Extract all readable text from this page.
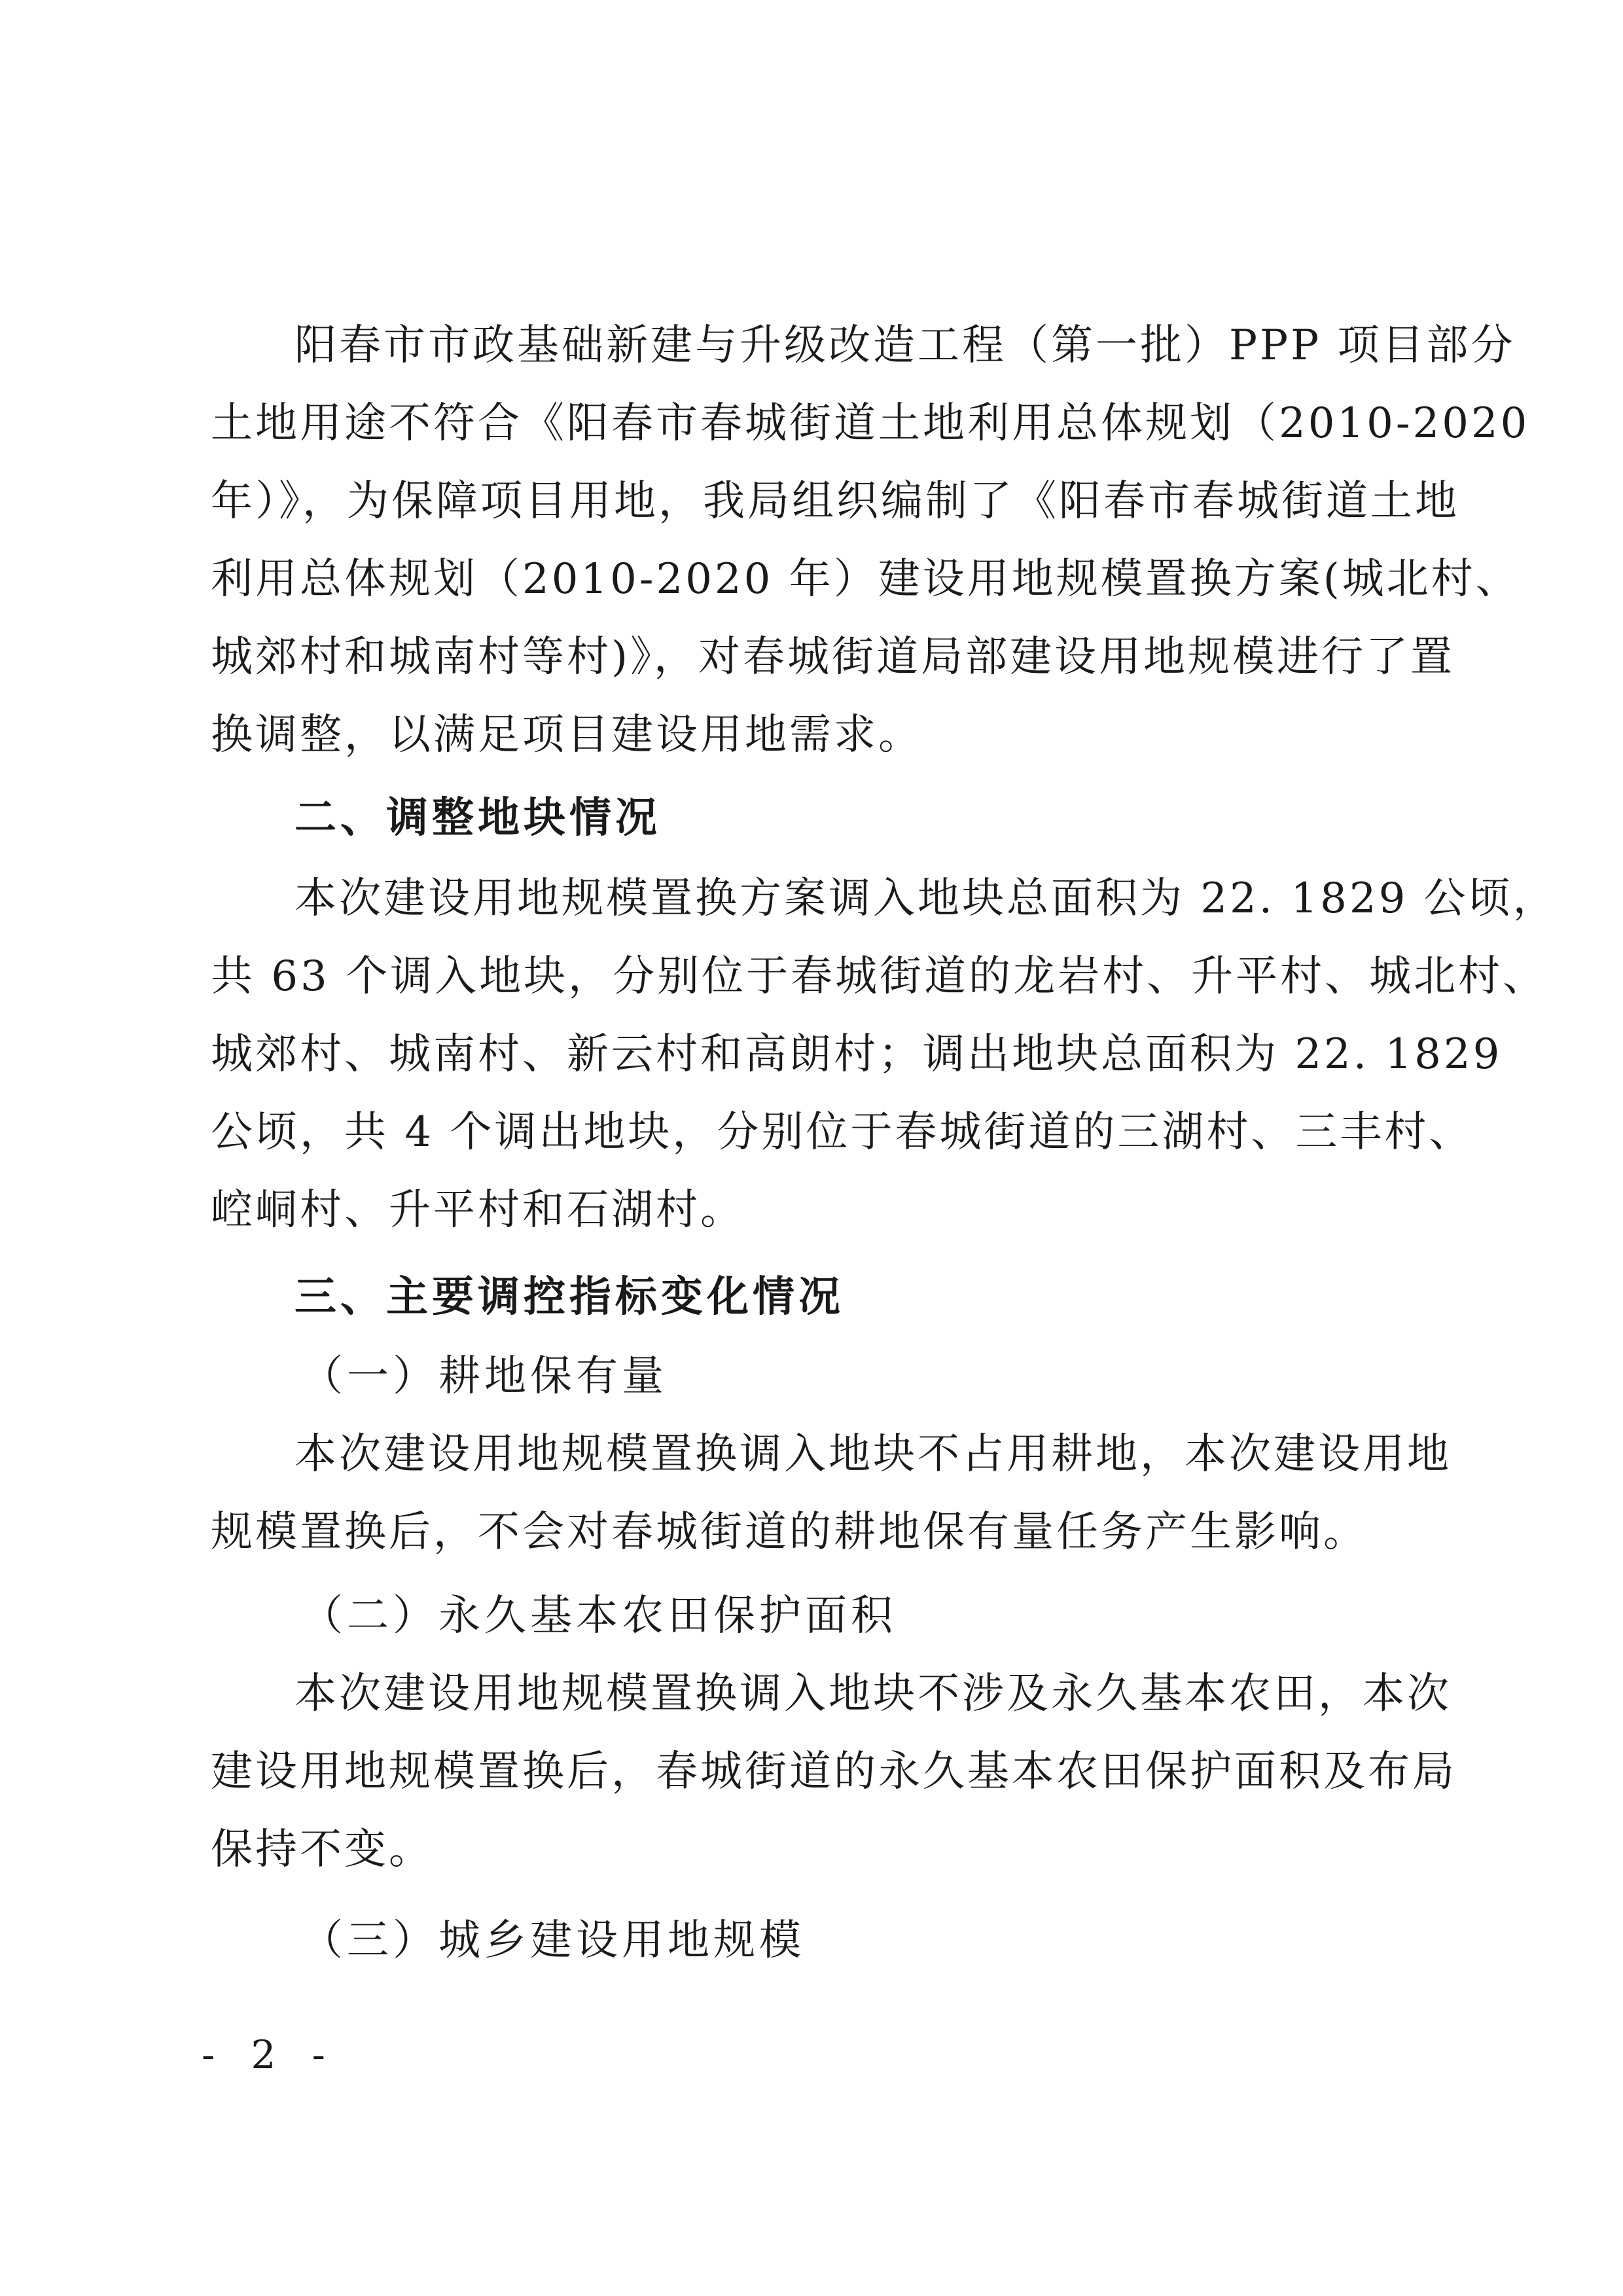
阳春市市政基础新建与升级改造工程（第一批）PPP 项目部分
土地用途不符合《阳春市春城街道土地利用总体规划（2010-2020
年）》，为保障项目用地，我局组织编制了《阳春市春城街道土地
利用总体规划（2010-2020 年）建设用地规模置换方案(城北村、
城郊村和城南村等村)》，对春城街道局部建设用地规模进行了置
换调整，以满足项目建设用地需求。
二、调整地块情况
本次建设用地规模置换方案调入地块总面积为 22. 1829 公顷，
共 63 个调入地块，分别位于春城街道的龙岩村、升平村、城北村、
城郊村、城南村、新云村和高朗村；调出地块总面积为 22. 1829
公顷，共 4 个调出地块，分别位于春城街道的三湖村、三丰村、
崆峒村、升平村和石湖村。
三、主要调控指标变化情况
（一）耕地保有量
本次建设用地规模置换调入地块不占用耕地，本次建设用地
规模置换后，不会对春城街道的耕地保有量任务产生影响。
（二）永久基本农田保护面积
本次建设用地规模置换调入地块不涉及永久基本农田，本次
建设用地规模置换后，春城街道的永久基本农田保护面积及布局
保持不变。
（三）城乡建设用地规模
- 2 -
